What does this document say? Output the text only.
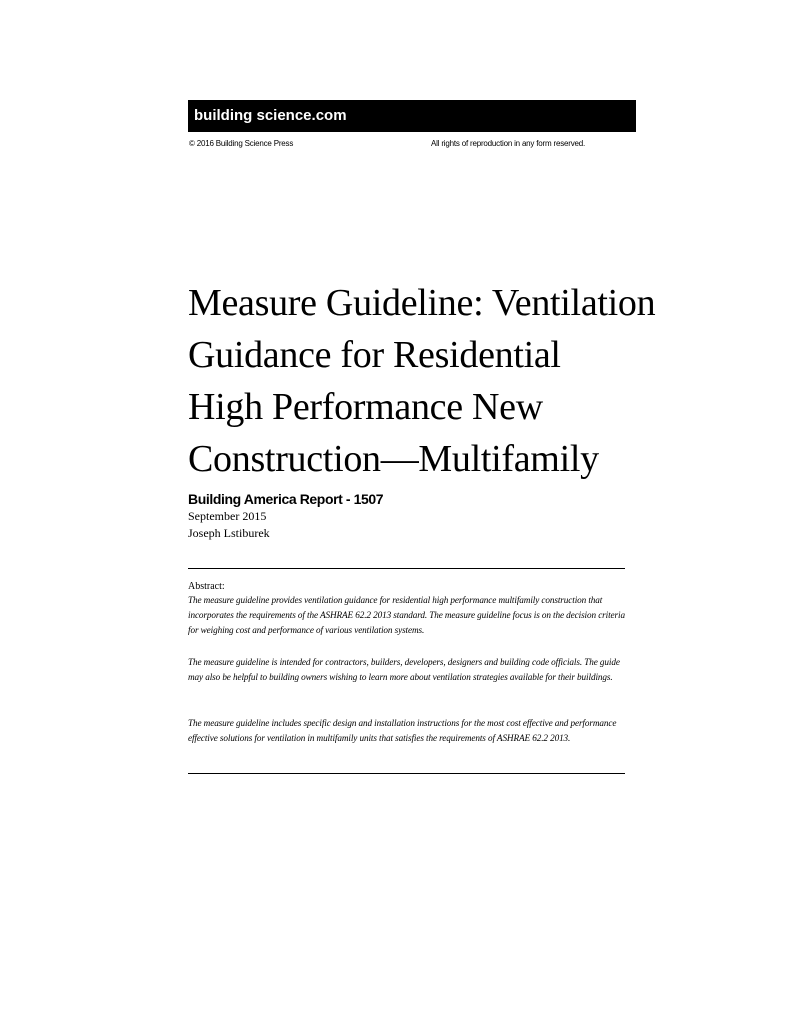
building science.com
© 2016 Building Science Press	All rights of reproduction in any form reserved.
Measure Guideline: Ventilation
Guidance for Residential
High Performance New
Construction—Multifamily
Building America Report - 1507
September 2015
Joseph Lstiburek
Abstract:

The measure guideline provides ventilation guidance for residential high performance multifamily construction that incorporates the requirements of the ASHRAE 62.2 2013 standard. The measure guideline focus is on the decision criteria for weighing cost and performance of various ventilation systems.

The measure guideline is intended for contractors, builders, developers, designers and building code officials. The guide may also be helpful to building owners wishing to learn more about ventilation strategies available for their buildings.

The measure guideline includes specific design and installation instructions for the most cost effective and performance effective solutions for ventilation in multifamily units that satisfies the requirements of ASHRAE 62.2 2013.
